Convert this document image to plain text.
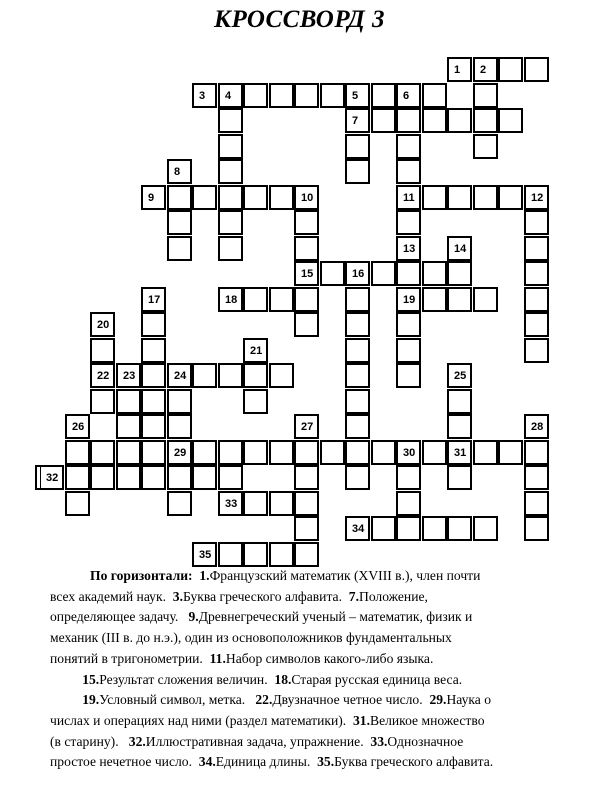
КРОССВОРД 3
1 2
3 4	5	6
7
8
9	10	11	12
13	14
15	16
17	18	19
20
21
22 23	24	25
26	27	28
29	30	31
32
33
34
35
По горизонтали: 1.Французский математик (XVIII в.), член почти
всех академий наук.  3.Буква греческого алфавита.  7.Положение,
определяющее задачу.   9.Древнегреческий ученый – математик, физик и
механик (III в. до н.э.), один из основоположников фундаментальных
понятий в тригонометрии.  11.Набор символов какого-либо языка.
15.Результат сложения величин.  18.Старая русская единица веса.
19.Условный символ, метка.   22.Двузначное четное число.  29.Наука о
числах и операциях над ними (раздел математики).  31.Великое множество
(в старину).   32.Иллюстративная задача, упражнение.  33.Однозначное
простое нечетное число.  34.Единица длины.  35.Буква греческого алфавита.
